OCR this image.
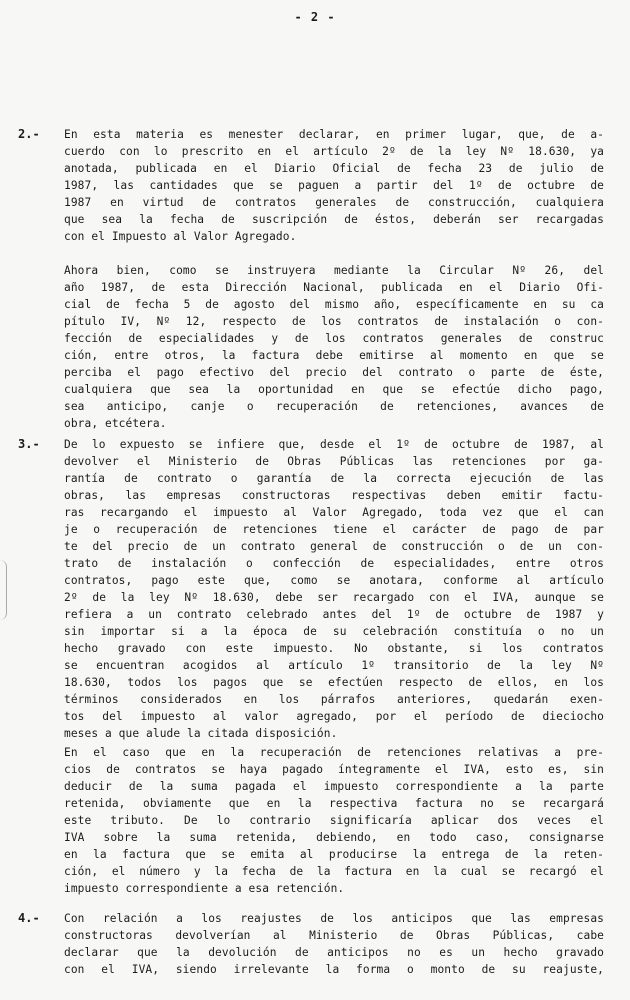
- 2 -
2.- En esta materia es menester declarar, en primer lugar, que, de a-
cuerdo con lo prescrito en el artículo 2º de la ley Nº 18.630, ya
anotada, publicada en el Diario Oficial de fecha 23 de julio de
1987, las cantidades que se paguen a partir del 1º de octubre de
1987 en virtud de contratos generales de construcción, cualquiera
que sea la fecha de suscripción de éstos, deberán ser recargadas
con el Impuesto al Valor Agregado.
Ahora bien, como se instruyera mediante la Circular Nº 26, del
año 1987, de esta Dirección Nacional, publicada en el Diario Ofi-
cial de fecha 5 de agosto del mismo año, específicamente en su ca
pítulo IV, Nº 12, respecto de los contratos de instalación o con-
fección de especialidades y de los contratos generales de construc
ción, entre otros, la factura debe emitirse al momento en que se
perciba el pago efectivo del precio del contrato o parte de éste,
cualquiera que sea la oportunidad en que se efectúe dicho pago,
sea anticipo, canje o recuperación de retenciones, avances de
obra, etcétera.
3.- De lo expuesto se infiere que, desde el 1º de octubre de 1987, al
devolver el Ministerio de Obras Públicas las retenciones por ga-
rantía de contrato o garantía de la correcta ejecución de las
obras, las empresas constructoras respectivas deben emitir factu-
ras recargando el impuesto al Valor Agregado, toda vez que el can
je o recuperación de retenciones tiene el carácter de pago de par
te del precio de un contrato general de construcción o de un con-
trato de instalación o confección de especialidades, entre otros
contratos, pago este que, como se anotara, conforme al artículo
2º de la ley Nº 18.630, debe ser recargado con el IVA, aunque se
refiera a un contrato celebrado antes del 1º de octubre de 1987 y
sin importar si a la época de su celebración constituía o no un
hecho gravado con este impuesto. No obstante, si los contratos
se encuentran acogidos al artículo 1º transitorio de la ley Nº
18.630, todos los pagos que se efectúen respecto de ellos, en los
términos considerados en los párrafos anteriores, quedarán exen-
tos del impuesto al valor agregado, por el período de dieciocho
meses a que alude la citada disposición.
En el caso que en la recuperación de retenciones relativas a pre-
cios de contratos se haya pagado íntegramente el IVA, esto es, sin
deducir de la suma pagada el impuesto correspondiente a la parte
retenida, obviamente que en la respectiva factura no se recargará
este tributo. De lo contrario significaría aplicar dos veces el
IVA sobre la suma retenida, debiendo, en todo caso, consignarse
en la factura que se emita al producirse la entrega de la reten-
ción, el número y la fecha de la factura en la cual se recargó el
impuesto correspondiente a esa retención.
4.- Con relación a los reajustes de los anticipos que las empresas
constructoras devolverían al Ministerio de Obras Públicas, cabe
declarar que la devolución de anticipos no es un hecho gravado
con el IVA, siendo irrelevante la forma o monto de su reajuste,
